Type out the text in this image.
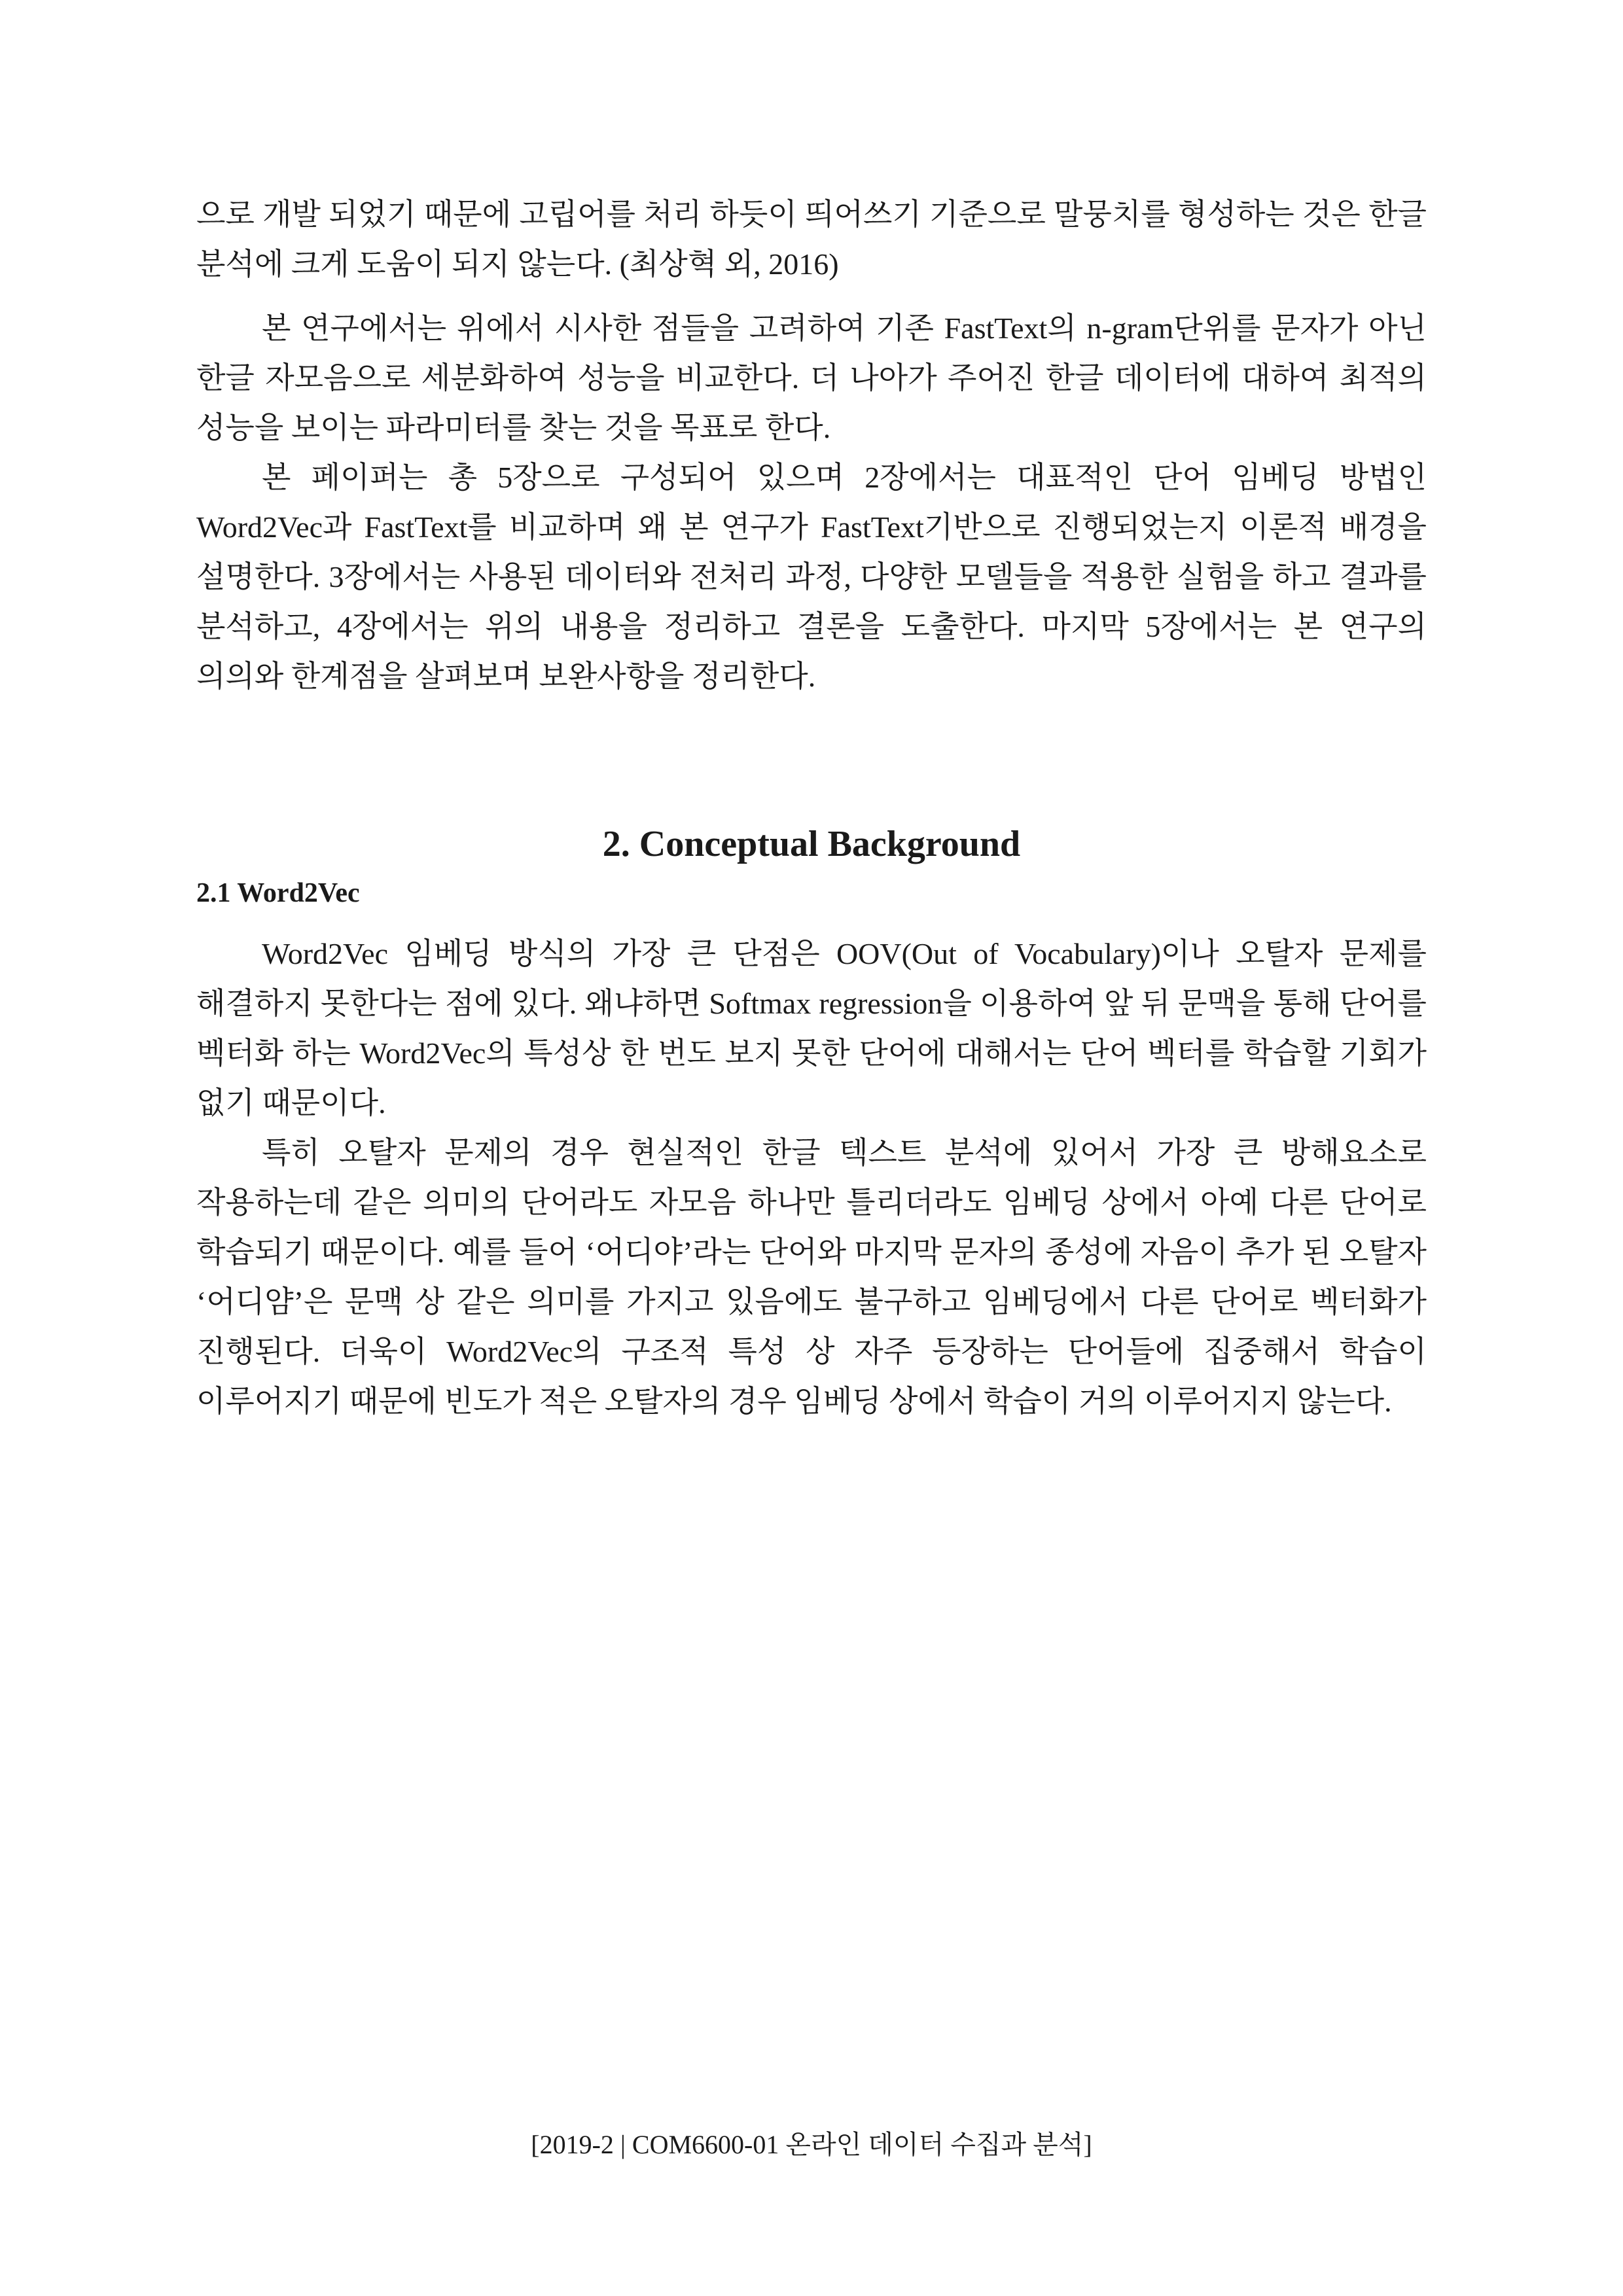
으로 개발 되었기 때문에 고립어를 처리 하듯이 띄어쓰기 기준으로 말뭉치를 형성하는 것은 한글 분석에 크게 도움이 되지 않는다. (최상혁 외, 2016)

본 연구에서는 위에서 시사한 점들을 고려하여 기존 FastText의 n-gram단위를 문자가 아닌 한글 자모음으로 세분화하여 성능을 비교한다. 더 나아가 주어진 한글 데이터에 대하여 최적의 성능을 보이는 파라미터를 찾는 것을 목표로 한다.

본 페이퍼는 총 5장으로 구성되어 있으며 2장에서는 대표적인 단어 임베딩 방법인 Word2Vec과 FastText를 비교하며 왜 본 연구가 FastText기반으로 진행되었는지 이론적 배경을 설명한다. 3장에서는 사용된 데이터와 전처리 과정, 다양한 모델들을 적용한 실험을 하고 결과를 분석하고, 4장에서는 위의 내용을 정리하고 결론을 도출한다. 마지막 5장에서는 본 연구의 의의와 한계점을 살펴보며 보완사항을 정리한다.

2. Conceptual Background
2.1 Word2Vec

Word2Vec 임베딩 방식의 가장 큰 단점은 OOV(Out of Vocabulary)이나 오탈자 문제를 해결하지 못한다는 점에 있다. 왜냐하면 Softmax regression을 이용하여 앞 뒤 문맥을 통해 단어를 벡터화 하는 Word2Vec의 특성상 한 번도 보지 못한 단어에 대해서는 단어 벡터를 학습할 기회가 없기 때문이다.

특히 오탈자 문제의 경우 현실적인 한글 텍스트 분석에 있어서 가장 큰 방해요소로 작용하는데 같은 의미의 단어라도 자모음 하나만 틀리더라도 임베딩 상에서 아예 다른 단어로 학습되기 때문이다. 예를 들어 ‘어디야’라는 단어와 마지막 문자의 종성에 자음이 추가 된 오탈자 ‘어디얌’은 문맥 상 같은 의미를 가지고 있음에도 불구하고 임베딩에서 다른 단어로 벡터화가 진행된다. 더욱이 Word2Vec의 구조적 특성 상 자주 등장하는 단어들에 집중해서 학습이 이루어지기 때문에 빈도가 적은 오탈자의 경우 임베딩 상에서 학습이 거의 이루어지지 않는다.

[2019-2 | COM6600-01 온라인 데이터 수집과 분석]
